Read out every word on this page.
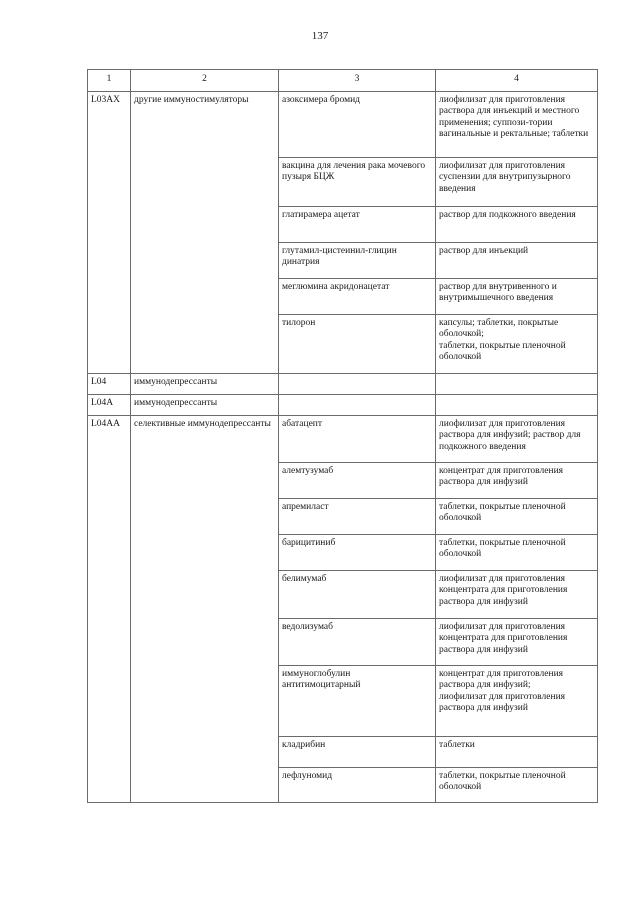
137
1	2	3	4
L03AX	другие иммуностимуляторы	азоксимера бромид	лиофилизат для приготовления раствора для инъекций и местного применения; суппози-тории вагинальные и ректальные; таблетки
		вакцина для лечения рака мочевого пузыря БЦЖ	лиофилизат для приготовления суспензии для внутрипузырного введения
		глатирамера ацетат	раствор для подкожного введения
		глутамил-цистеинил-глицин динатрия	раствор для инъекций
		меглюмина акридонацетат	раствор для внутривенного и внутримышечного введения
		тилорон	капсулы; таблетки, покрытые оболочкой;
таблетки, покрытые пленочной оболочкой
L04	иммунодепрессанты		
L04A	иммунодепрессанты		
L04AA	селективные иммунодепрессанты	абатацепт	лиофилизат для приготовления раствора для инфузий; раствор для подкожного введения
		алемтузумаб	концентрат для приготовления раствора для инфузий
		апремиласт	таблетки, покрытые пленочной оболочкой
		барицитиниб	таблетки, покрытые пленочной оболочкой
		белимумаб	лиофилизат для приготовления концентрата для приготовления раствора для инфузий
		ведолизумаб	лиофилизат для приготовления концентрата для приготовления раствора для инфузий
		иммуноглобулин антитимоцитарный	концентрат для приготовления раствора для инфузий;
лиофилизат для приготовления раствора для инфузий
		кладрибин	таблетки
		лефлуномид	таблетки, покрытые пленочной оболочкой
